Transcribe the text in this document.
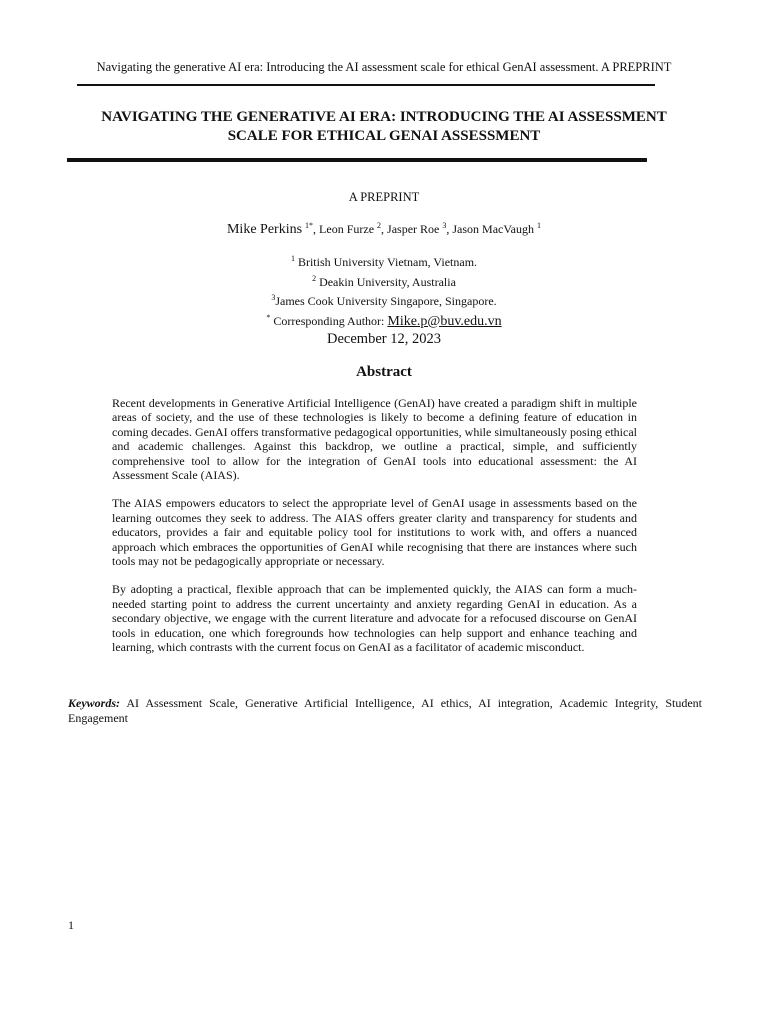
Navigating the generative AI era: Introducing the AI assessment scale for ethical GenAI assessment. A PREPRINT
NAVIGATING THE GENERATIVE AI ERA: INTRODUCING THE AI ASSESSMENT
SCALE FOR ETHICAL GENAI ASSESSMENT
A PREPRINT
Mike Perkins $^{1*}$, Leon Furze $^2$, Jasper Roe $^3$, Jason MacVaugh $^1$
$^1$ British University Vietnam, Vietnam.
$^2$ Deakin University, Australia
$^3$James Cook University Singapore, Singapore.
* Corresponding Author: Mike.p@buv.edu.vn
December 12, 2023
Abstract

Recent developments in Generative Artificial Intelligence (GenAI) have created a paradigm shift in multiple areas of society, and the use of these technologies is likely to become a defining feature of education in coming decades. GenAI offers transformative pedagogical opportunities, while simultaneously posing ethical and academic challenges. Against this backdrop, we outline a practical, simple, and sufficiently comprehensive tool to allow for the integration of GenAI tools into educational assessment: the AI Assessment Scale (AIAS).

The AIAS empowers educators to select the appropriate level of GenAI usage in assessments based on the learning outcomes they seek to address. The AIAS offers greater clarity and transparency for students and educators, provides a fair and equitable policy tool for institutions to work with, and offers a nuanced approach which embraces the opportunities of GenAI while recognising that there are instances where such tools may not be pedagogically appropriate or necessary.

By adopting a practical, flexible approach that can be implemented quickly, the AIAS can form a much-needed starting point to address the current uncertainty and anxiety regarding GenAI in education. As a secondary objective, we engage with the current literature and advocate for a refocused discourse on GenAI tools in education, one which foregrounds how technologies can help support and enhance teaching and learning, which contrasts with the current focus on GenAI as a facilitator of academic misconduct.

Keywords: AI Assessment Scale, Generative Artificial Intelligence, AI ethics, AI integration, Academic Integrity, Student Engagement
1
